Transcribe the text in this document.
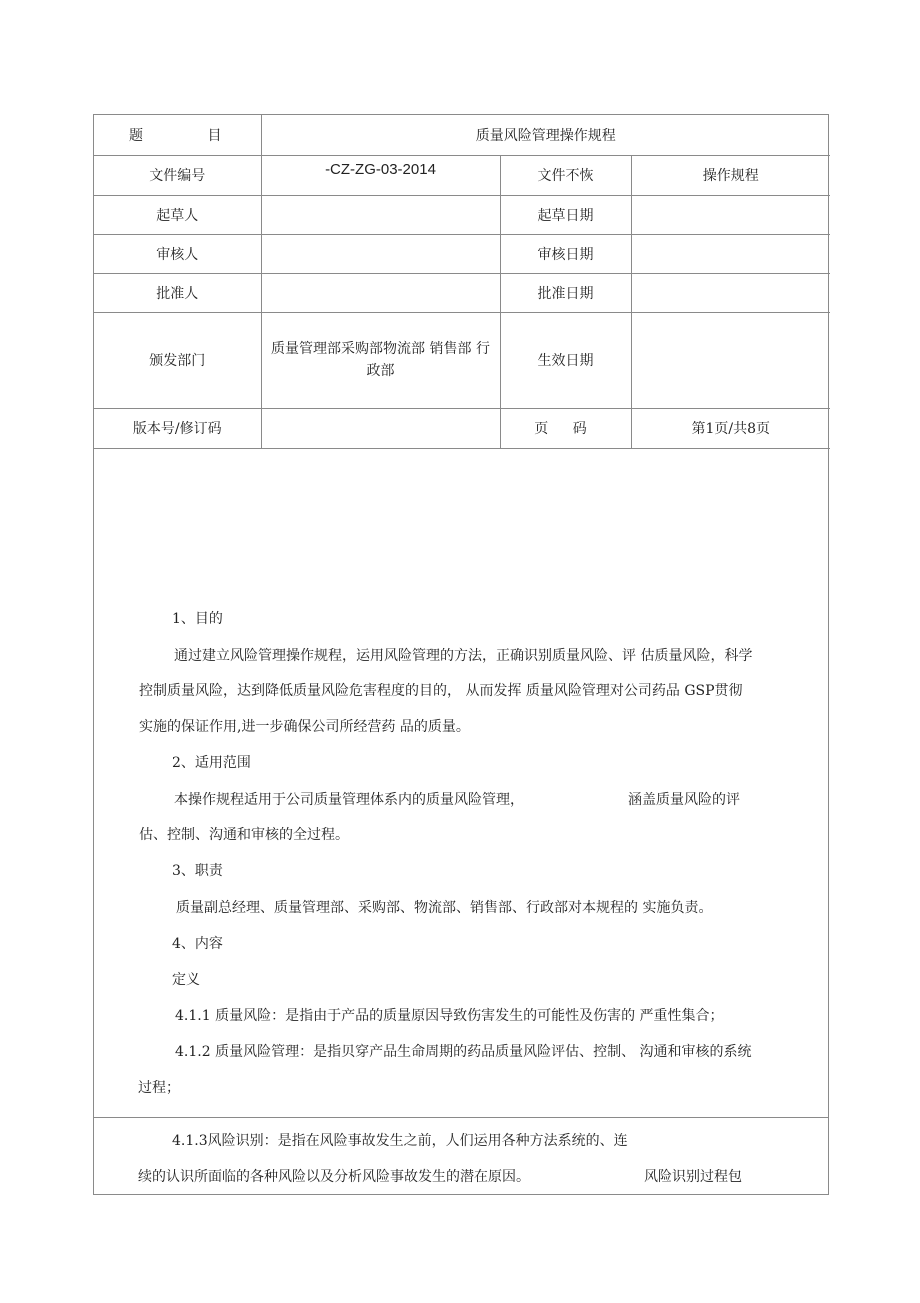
题 目	质量风险管理操作规程		
文件编号	-CZ-ZG-03-2014	文件不恢	操作规程
起草人		起草日期	
审核人		审核日期	
批准人		批准日期	
颁发部门	质量管理部采购部物流部 销售部 行政部	生效日期	
版本号/修订码		页 码	第1页/共8页
1、目的
通过建立风险管理操作规程，运用风险管理的方法，正确识别质量风险、评 估质量风险，科学
控制质量风险，达到降低质量风险危害程度的目的， 从而发挥 质量风险管理对公司药品 GSP贯彻
实施的保证作用,进一步确保公司所经营药 品的质量。
2、适用范围
本操作规程适用于公司质量管理体系内的质量风险管理，	涵盖质量风险的评
估、控制、沟通和审核的全过程。
3、职责
质量副总经理、质量管理部、采购部、物流部、销售部、行政部对本规程的 实施负责。
4、内容
定义
4.1.1 质量风险：是指由于产品的质量原因导致伤害发生的可能性及伤害的 严重性集合；
4.1.2 质量风险管理：是指贝穿产品生命周期的药品质量风险评估、控制、 沟通和审核的系统
过程；
4.1.3风险识别：是指在风险事故发生之前，人们运用各种方法系统的、连
续的认识所面临的各种风险以及分析风险事故发生的潜在原因。	风险识别过程包
